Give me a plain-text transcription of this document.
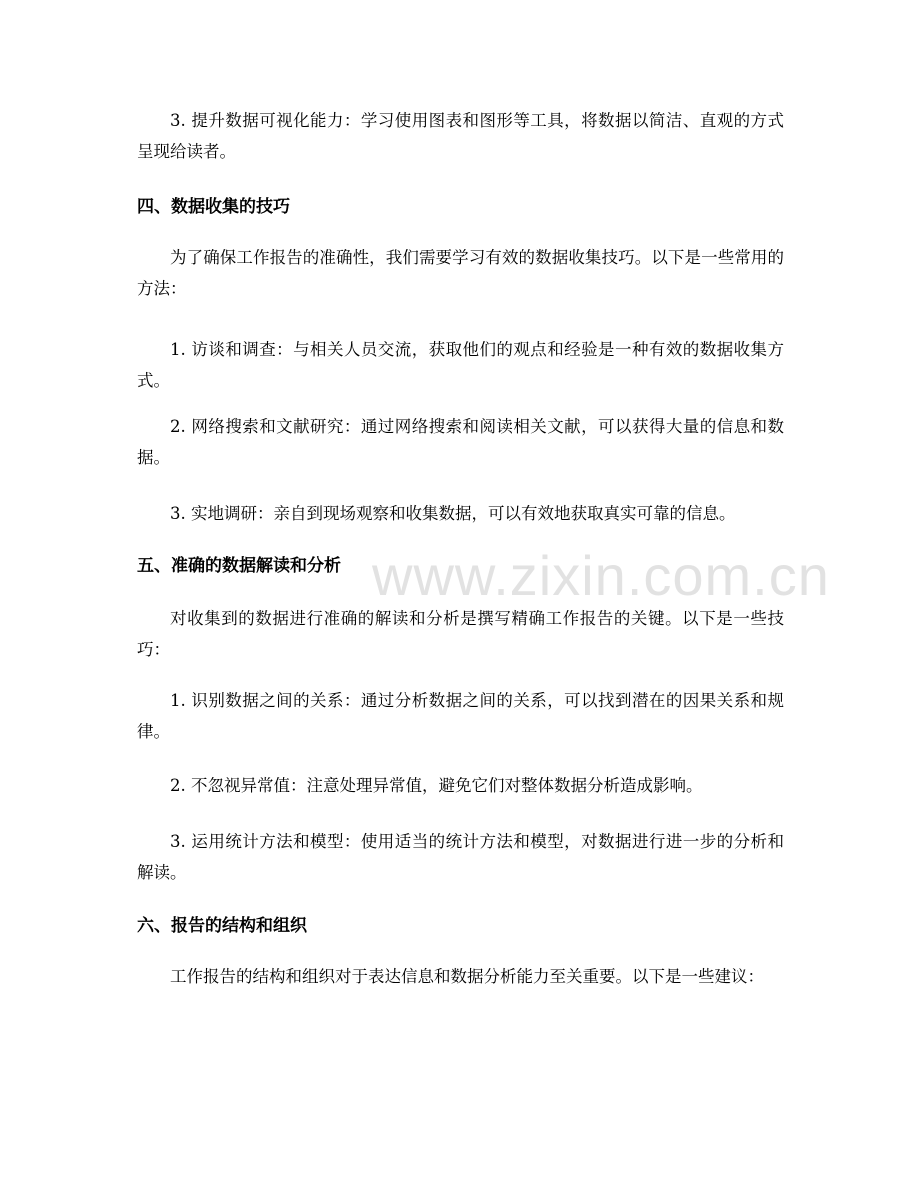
3. 提升数据可视化能力：学习使用图表和图形等工具，将数据以简洁、直观的方式呈现给读者。

四、数据收集的技巧

为了确保工作报告的准确性，我们需要学习有效的数据收集技巧。以下是一些常用的方法：

1. 访谈和调查：与相关人员交流，获取他们的观点和经验是一种有效的数据收集方式。

2. 网络搜索和文献研究：通过网络搜索和阅读相关文献，可以获得大量的信息和数据。

3. 实地调研：亲自到现场观察和收集数据，可以有效地获取真实可靠的信息。

五、准确的数据解读和分析

对收集到的数据进行准确的解读和分析是撰写精确工作报告的关键。以下是一些技巧：

1. 识别数据之间的关系：通过分析数据之间的关系，可以找到潜在的因果关系和规律。

2. 不忽视异常值：注意处理异常值，避免它们对整体数据分析造成影响。

3. 运用统计方法和模型：使用适当的统计方法和模型，对数据进行进一步的分析和解读。

六、报告的结构和组织

工作报告的结构和组织对于表达信息和数据分析能力至关重要。以下是一些建议：

www.zixin.com.cn
